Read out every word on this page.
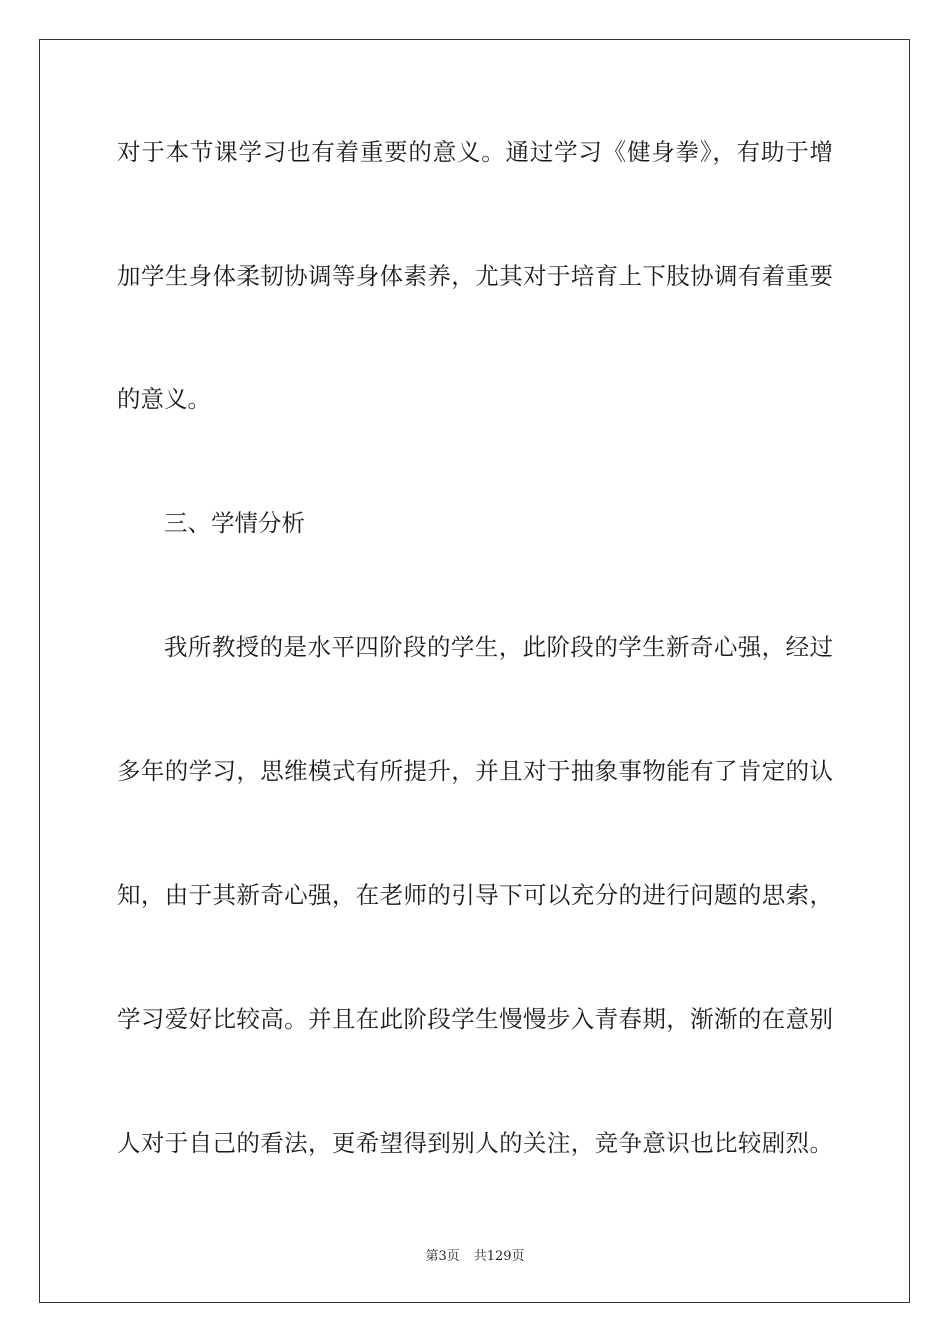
对于本节课学习也有着重要的意义。通过学习《健身拳》，有助于增
加学生身体柔韧协调等身体素养，尤其对于培育上下肢协调有着重要
的意义。
三、学情分析
我所教授的是水平四阶段的学生，此阶段的学生新奇心强，经过
多年的学习，思维模式有所提升，并且对于抽象事物能有了肯定的认
知，由于其新奇心强，在老师的引导下可以充分的进行问题的思索，
学习爱好比较高。并且在此阶段学生慢慢步入青春期，渐渐的在意别
人对于自己的看法，更希望得到别人的关注，竞争意识也比较剧烈。
第3页 共129页
